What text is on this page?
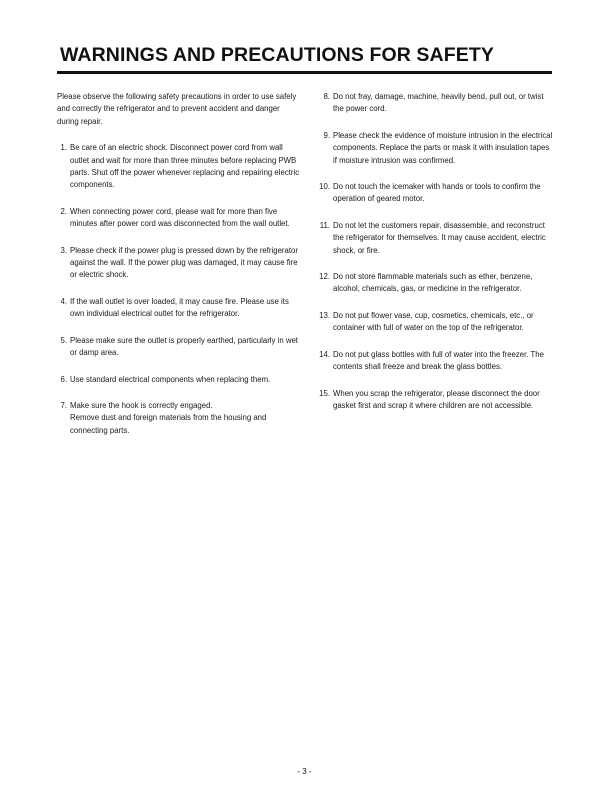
WARNINGS AND PRECAUTIONS FOR SAFETY

Please observe the following safety precautions in order to use safely and correctly the refrigerator and to prevent accident and danger during repair.

1. Be care of an electric shock. Disconnect power cord from wall outlet and wait for more than three minutes before replacing PWB parts. Shut off the power whenever replacing and repairing electric components.
2. When connecting power cord, please wait for more than five minutes after power cord was disconnected from the wall outlet.
3. Please check if the power plug is pressed down by the refrigerator against the wall. If the power plug was damaged, it may cause fire or electric shock.
4. If the wall outlet is over loaded, it may cause fire. Please use its own individual electrical outlet for the refrigerator.
5. Please make sure the outlet is properly earthed, particularly in wet or damp area.
6. Use standard electrical components when replacing them.
7. Make sure the hook is correctly engaged.
Remove dust and foreign materials from the housing and connecting parts.
8. Do not fray, damage, machine, heavily bend, pull out, or twist the power cord.
9. Please check the evidence of moisture intrusion in the electrical components. Replace the parts or mask it with insulation tapes if moisture intrusion was confirmed.
10. Do not touch the icemaker with hands or tools to confirm the operation of geared motor.
11. Do not let the customers repair, disassemble, and reconstruct the refrigerator for themselves. It may cause accident, electric shock, or fire.
12. Do not store flammable materials such as ether, benzene, alcohol, chemicals, gas, or medicine in the refrigerator.
13. Do not put flower vase, cup, cosmetics, chemicals, etc., or container with full of water on the top of the refrigerator.
14. Do not put glass bottles with full of water into the freezer. The contents shall freeze and break the glass bottles.
15. When you scrap the refrigerator, please disconnect the door gasket first and scrap it where children are not accessible.
- 3 -
